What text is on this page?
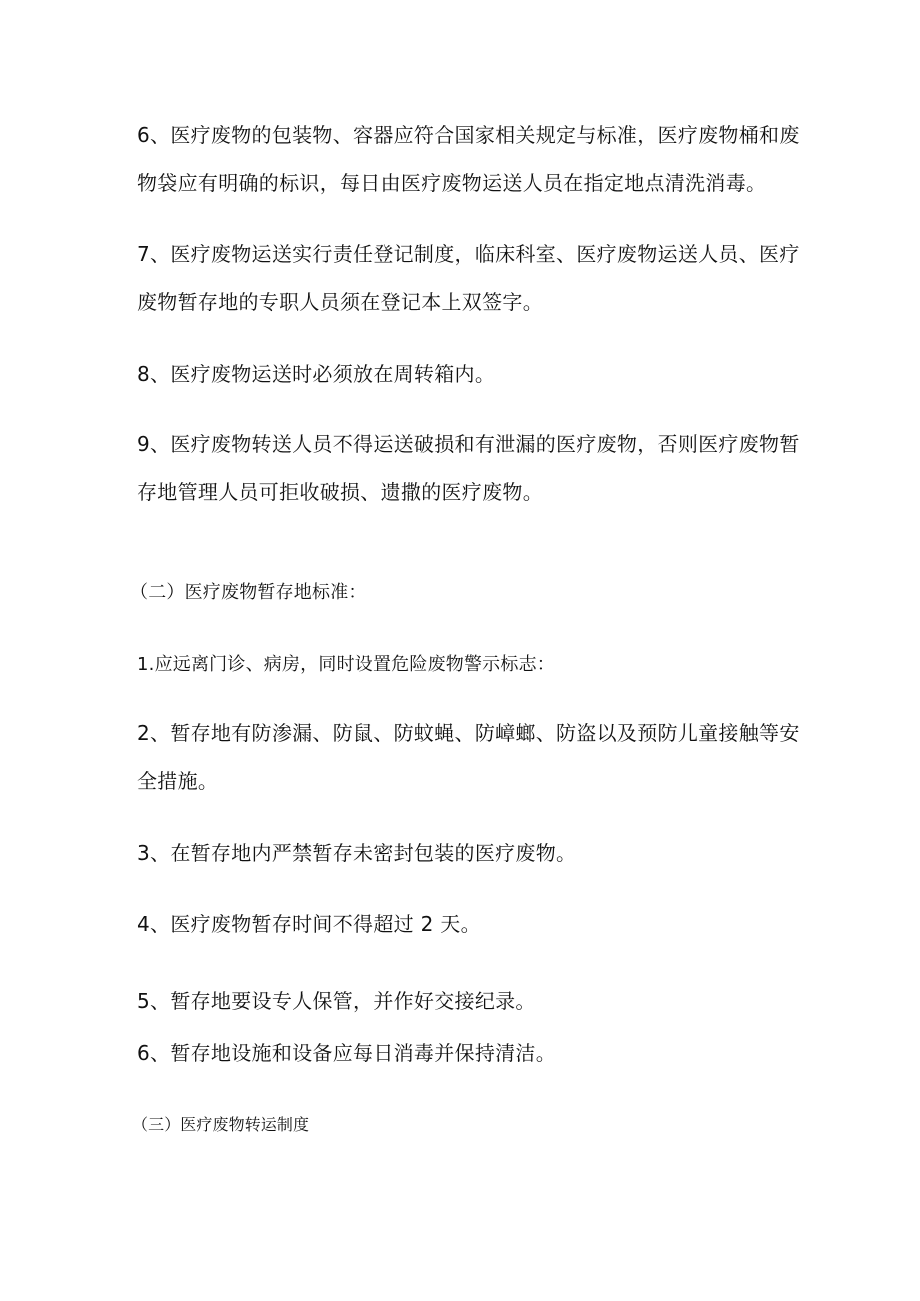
6、医疗废物的包装物、容器应符合国家相关规定与标准，医疗废物桶和废
物袋应有明确的标识，每日由医疗废物运送人员在指定地点清洗消毒。
7、医疗废物运送实行责任登记制度，临床科室、医疗废物运送人员、医疗
废物暂存地的专职人员须在登记本上双签字。
8、医疗废物运送时必须放在周转箱内。
9、医疗废物转送人员不得运送破损和有泄漏的医疗废物，否则医疗废物暂
存地管理人员可拒收破损、遗撒的医疗废物。
（二）医疗废物暂存地标准：
1.应远离门诊、病房，同时设置危险废物警示标志：
2、暂存地有防渗漏、防鼠、防蚊蝇、防嶂螂、防盗以及预防儿童接触等安
全措施。
3、在暂存地内严禁暂存未密封包装的医疗废物。
4、医疗废物暂存时间不得超过 2 天。
5、暂存地要设专人保管，并作好交接纪录。
6、暂存地设施和设备应每日消毒并保持清洁。
（三）医疗废物转运制度
